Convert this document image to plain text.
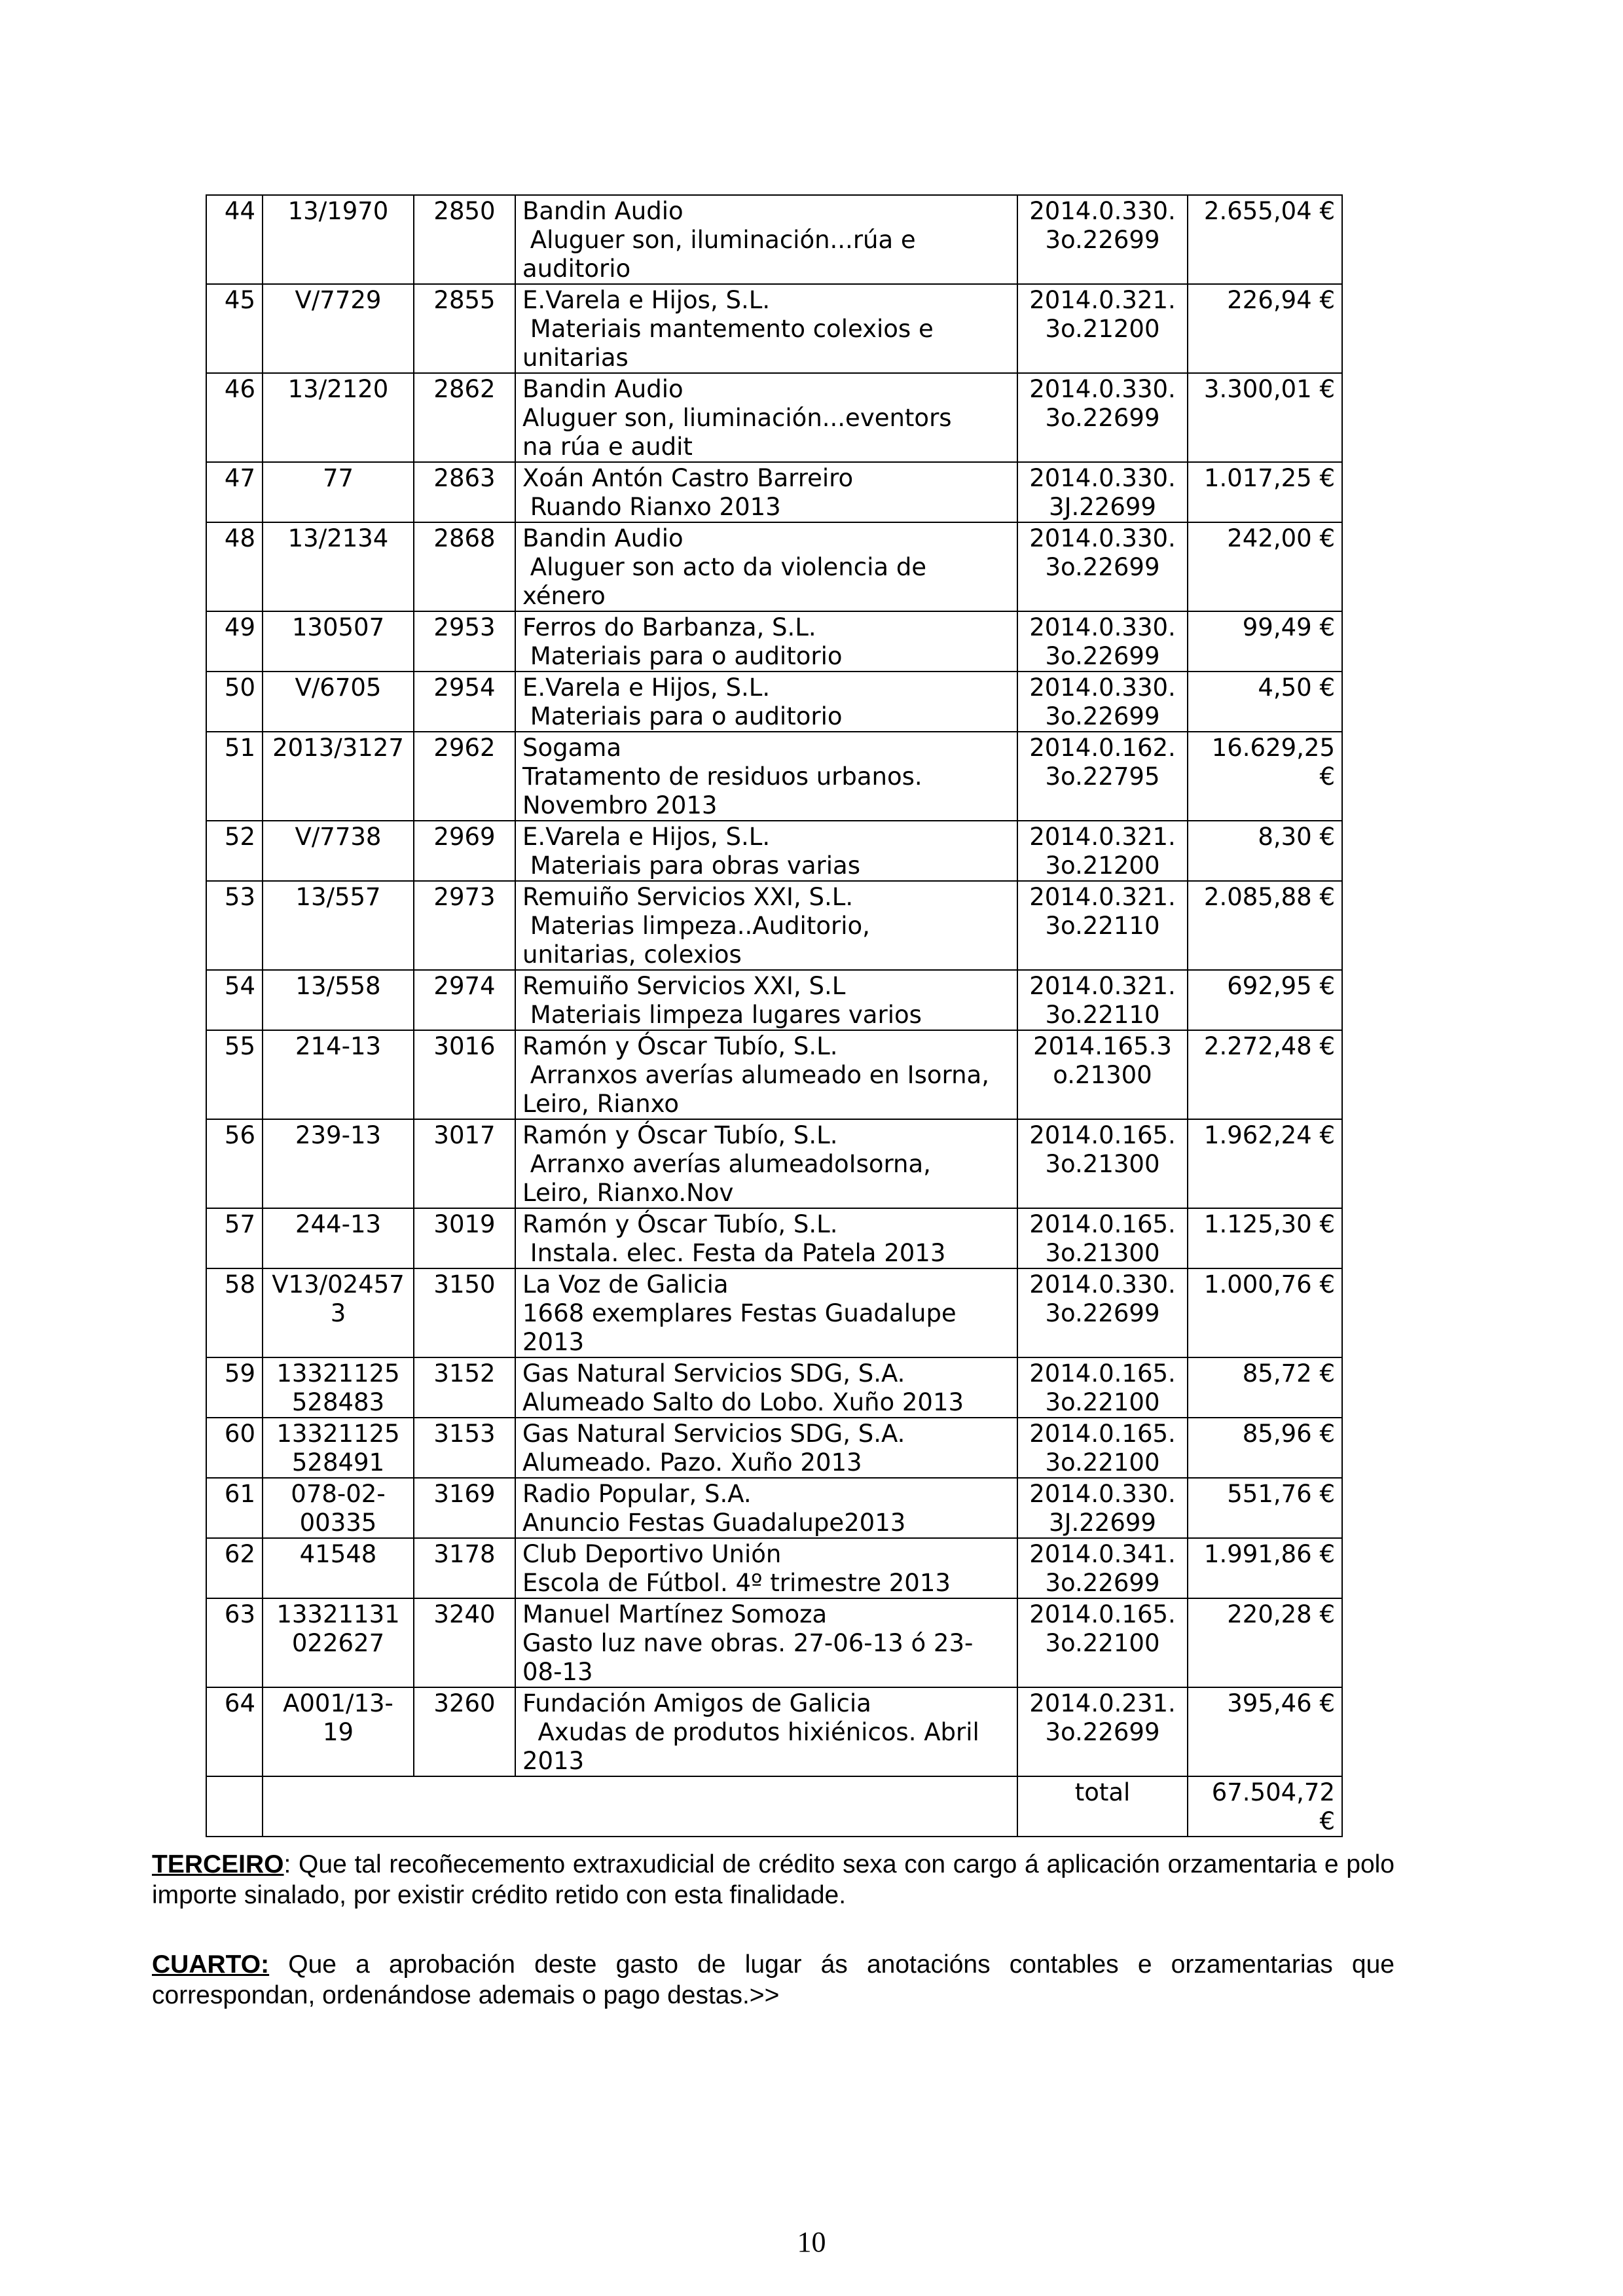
44	13/1970	2850	Bandin Audio
Aluguer son, iluminación...rúa e
auditorio	2014.0.330.3o.22699	2.655,04 €
45	V/7729	2855	E.Varela e Hijos, S.L.
Materiais mantemento colexios e
unitarias	2014.0.321.3o.21200	226,94 €
46	13/2120	2862	Bandin Audio
Aluguer son, liuminación...eventors
na rúa e audit	2014.0.330.3o.22699	3.300,01 €
47	77	2863	Xoán Antón Castro Barreiro
Ruando Rianxo 2013	2014.0.330.3J.22699	1.017,25 €
48	13/2134	2868	Bandin Audio
Aluguer son acto da violencia de
xénero	2014.0.330.3o.22699	242,00 €
49	130507	2953	Ferros do Barbanza, S.L.
Materiais para o auditorio	2014.0.330.3o.22699	99,49 €
50	V/6705	2954	E.Varela e Hijos, S.L.
Materiais para o auditorio	2014.0.330.3o.22699	4,50 €
51	2013/3127	2962	Sogama
Tratamento de residuos urbanos.
Novembro 2013	2014.0.162.3o.22795	16.629,25 €
52	V/7738	2969	E.Varela e Hijos, S.L.
Materiais para obras varias	2014.0.321.3o.21200	8,30 €
53	13/557	2973	Remuiño Servicios XXI, S.L.
Materias limpeza..Auditorio,
unitarias, colexios	2014.0.321.3o.22110	2.085,88 €
54	13/558	2974	Remuiño Servicios XXI, S.L
Materiais limpeza lugares varios	2014.0.321.3o.22110	692,95 €
55	214-13	3016	Ramón y Óscar Tubío, S.L.
Arranxos averías alumeado en Isorna,
Leiro, Rianxo	2014.165.3o.21300	2.272,48 €
56	239-13	3017	Ramón y Óscar Tubío, S.L.
Arranxo averías alumeadoIsorna,
Leiro, Rianxo.Nov	2014.0.165.3o.21300	1.962,24 €
57	244-13	3019	Ramón y Óscar Tubío, S.L.
Instala. elec. Festa da Patela 2013	2014.0.165.3o.21300	1.125,30 €
58	V13/024573	3150	La Voz de Galicia
1668 exemplares Festas Guadalupe
2013	2014.0.330.3o.22699	1.000,76 €
59	13321125528483	3152	Gas Natural Servicios SDG, S.A.
Alumeado Salto do Lobo. Xuño 2013	2014.0.165.3o.22100	85,72 €
60	13321125528491	3153	Gas Natural Servicios SDG, S.A.
Alumeado. Pazo. Xuño 2013	2014.0.165.3o.22100	85,96 €
61	078-02-00335	3169	Radio Popular, S.A.
Anuncio Festas Guadalupe2013	2014.0.330.3J.22699	551,76 €
62	41548	3178	Club Deportivo Unión
Escola de Fútbol. 4º trimestre 2013	2014.0.341.3o.22699	1.991,86 €
63	13321131022627	3240	Manuel Martínez Somoza
Gasto luz nave obras. 27-06-13 ó 23-
08-13	2014.0.165.3o.22100	220,28 €
64	A001/13-19	3260	Fundación Amigos de Galicia
Axudas de produtos hixiénicos. Abril
2013	2014.0.231.3o.22699	395,46 €
				total	67.504,72 €
TERCEIRO: Que tal recoñecemento extraxudicial de crédito sexa con cargo á aplicación orzamentaria e polo importe sinalado, por existir crédito retido con esta finalidade.
CUARTO: Que a aprobación deste gasto de lugar ás anotacións contables e orzamentarias que correspondan, ordenándose ademais o pago destas.>>
10
